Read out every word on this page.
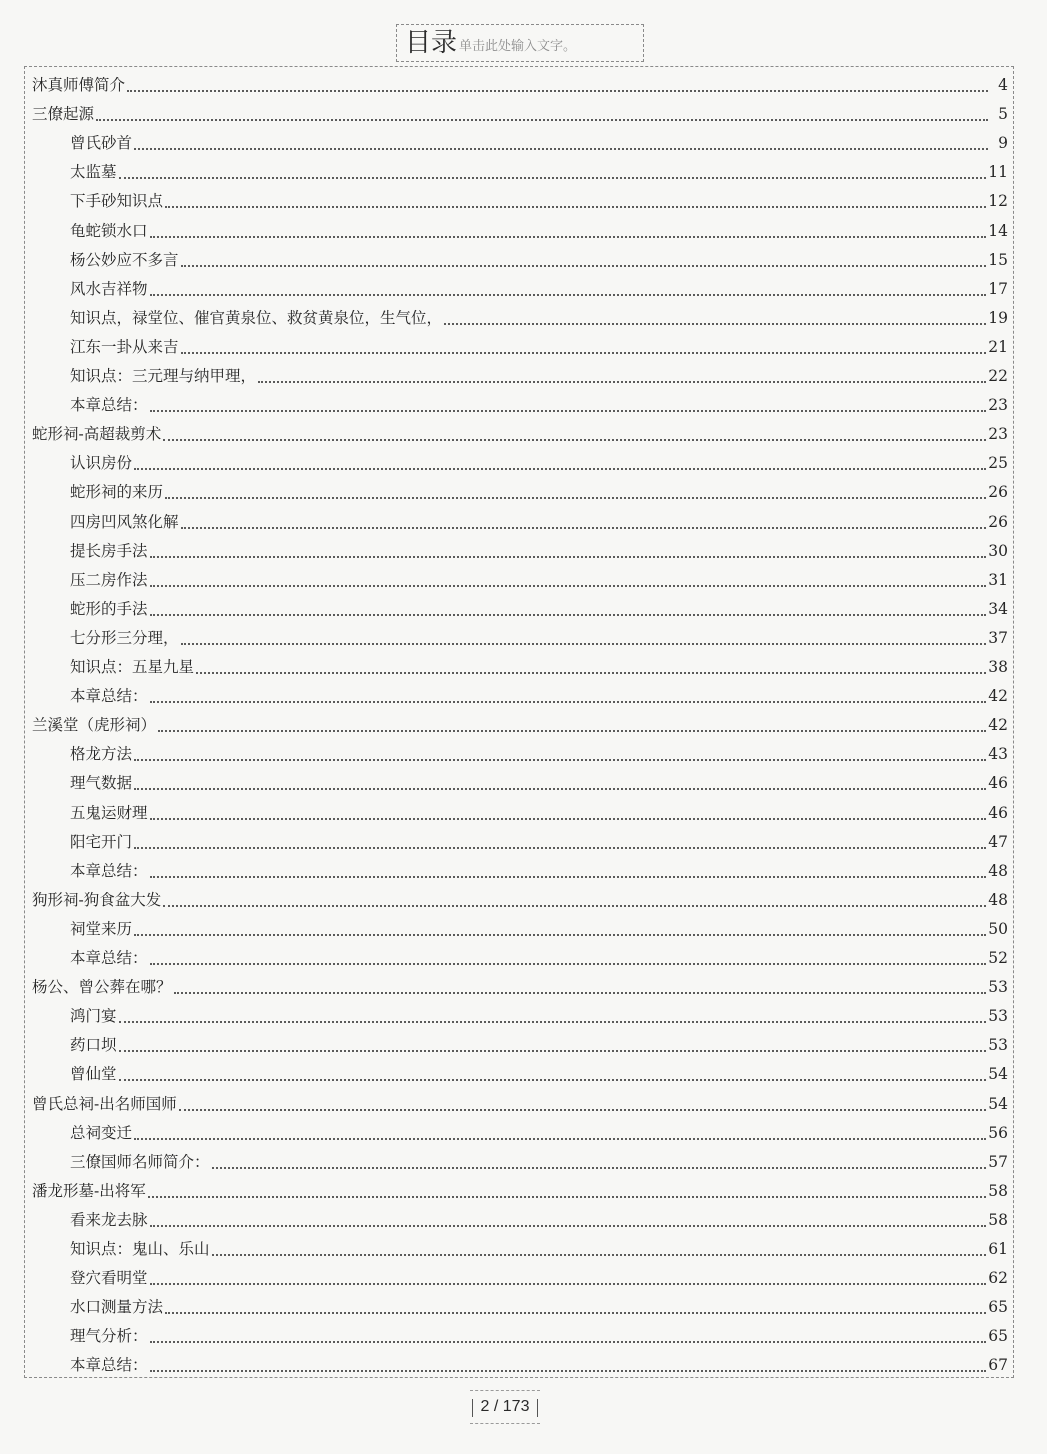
目录 单击此处输入文字。
沐真师傅简介	4
三僚起源	5
曾氏砂首	9
太监墓	11
下手砂知识点	12
龟蛇锁水口	14
杨公妙应不多言	15
风水吉祥物	17
知识点，禄堂位、催官黄泉位、救贫黄泉位，生气位，	19
江东一卦从来吉	21
知识点：三元理与纳甲理，	22
本章总结：	23
蛇形祠-高超裁剪术	23
认识房份	25
蛇形祠的来历	26
四房凹风煞化解	26
提长房手法	30
压二房作法	31
蛇形的手法	34
七分形三分理，	37
知识点：五星九星	38
本章总结：	42
兰溪堂（虎形祠）	42
格龙方法	43
理气数据	46
五鬼运财理	46
阳宅开门	47
本章总结：	48
狗形祠-狗食盆大发	48
祠堂来历	50
本章总结：	52
杨公、曾公葬在哪？	53
鸿门宴	53
药口坝	53
曾仙堂	54
曾氏总祠-出名师国师	54
总祠变迁	56
三僚国师名师简介：	57
潘龙形墓-出将军	58
看来龙去脉	58
知识点：鬼山、乐山	61
登穴看明堂	62
水口测量方法	65
理气分析：	65
本章总结：	67
2 / 173
